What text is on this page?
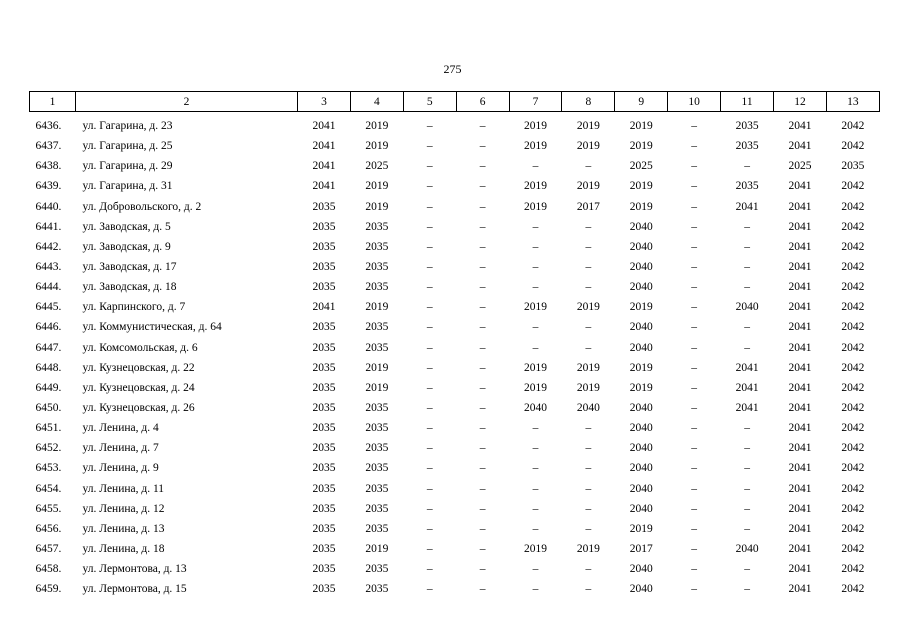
275
1	2	3	4	5	6	7	8	9	10	11	12	13
6436.	ул. Гагарина, д. 23	2041	2019	–	–	2019	2019	2019	–	2035	2041	2042
6437.	ул. Гагарина, д. 25	2041	2019	–	–	2019	2019	2019	–	2035	2041	2042
6438.	ул. Гагарина, д. 29	2041	2025	–	–	–	–	2025	–	–	2025	2035
6439.	ул. Гагарина, д. 31	2041	2019	–	–	2019	2019	2019	–	2035	2041	2042
6440.	ул. Добровольского, д. 2	2035	2019	–	–	2019	2017	2019	–	2041	2041	2042
6441.	ул. Заводская, д. 5	2035	2035	–	–	–	–	2040	–	–	2041	2042
6442.	ул. Заводская, д. 9	2035	2035	–	–	–	–	2040	–	–	2041	2042
6443.	ул. Заводская, д. 17	2035	2035	–	–	–	–	2040	–	–	2041	2042
6444.	ул. Заводская, д. 18	2035	2035	–	–	–	–	2040	–	–	2041	2042
6445.	ул. Карпинского, д. 7	2041	2019	–	–	2019	2019	2019	–	2040	2041	2042
6446.	ул. Коммунистическая, д. 64	2035	2035	–	–	–	–	2040	–	–	2041	2042
6447.	ул. Комсомольская, д. 6	2035	2035	–	–	–	–	2040	–	–	2041	2042
6448.	ул. Кузнецовская, д. 22	2035	2019	–	–	2019	2019	2019	–	2041	2041	2042
6449.	ул. Кузнецовская, д. 24	2035	2019	–	–	2019	2019	2019	–	2041	2041	2042
6450.	ул. Кузнецовская, д. 26	2035	2035	–	–	2040	2040	2040	–	2041	2041	2042
6451.	ул. Ленина, д. 4	2035	2035	–	–	–	–	2040	–	–	2041	2042
6452.	ул. Ленина, д. 7	2035	2035	–	–	–	–	2040	–	–	2041	2042
6453.	ул. Ленина, д. 9	2035	2035	–	–	–	–	2040	–	–	2041	2042
6454.	ул. Ленина, д. 11	2035	2035	–	–	–	–	2040	–	–	2041	2042
6455.	ул. Ленина, д. 12	2035	2035	–	–	–	–	2040	–	–	2041	2042
6456.	ул. Ленина, д. 13	2035	2035	–	–	–	–	2019	–	–	2041	2042
6457.	ул. Ленина, д. 18	2035	2019	–	–	2019	2019	2017	–	2040	2041	2042
6458.	ул. Лермонтова, д. 13	2035	2035	–	–	–	–	2040	–	–	2041	2042
6459.	ул. Лермонтова, д. 15	2035	2035	–	–	–	–	2040	–	–	2041	2042
